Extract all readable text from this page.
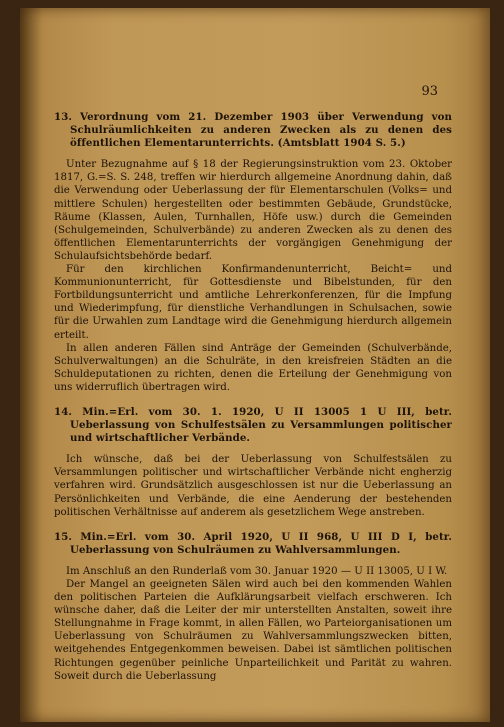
93
13. Verordnung vom 21. Dezember 1903 über Verwendung von Schulräumlichkeiten zu anderen Zwecken als zu denen des öffentlichen Elementarunterrichts. (Amtsblatt 1904 S. 5.)

Unter Bezugnahme auf § 18 der Regierungsinstruktion vom 23. Oktober 1817, G.=S. S. 248, treffen wir hierdurch allgemeine Anordnung dahin, daß die Verwendung oder Ueberlassung der für Elementarschulen (Volks= und mittlere Schulen) hergestellten oder bestimmten Gebäude, Grundstücke, Räume (Klassen, Aulen, Turnhallen, Höfe usw.) durch die Gemeinden (Schulgemeinden, Schulverbände) zu anderen Zwecken als zu denen des öffentlichen Elementarunterrichts der vorgängigen Genehmigung der Schulaufsichtsbehörde bedarf.

Für den kirchlichen Konfirmandenunterricht, Beicht= und Kommunionunterricht, für Gottesdienste und Bibelstunden, für den Fortbildungsunterricht und amtliche Lehrerkonferenzen, für die Impfung und Wiederimpfung, für dienstliche Verhandlungen in Schulsachen, sowie für die Urwahlen zum Landtage wird die Genehmigung hierdurch allgemein erteilt.

In allen anderen Fällen sind Anträge der Gemeinden (Schulverbände, Schulverwaltungen) an die Schulräte, in den kreisfreien Städten an die Schuldeputationen zu richten, denen die Erteilung der Genehmigung von uns widerruflich übertragen wird.

14. Min.=Erl. vom 30. 1. 1920, U II 13005 1 U III, betr. Ueberlassung von Schulfestsälen zu Versammlungen politischer und wirtschaftlicher Verbände.

Ich wünsche, daß bei der Ueberlassung von Schulfestsälen zu Versammlungen politischer und wirtschaftlicher Verbände nicht engherzig verfahren wird. Grundsätzlich ausgeschlossen ist nur die Ueberlassung an Persönlichkeiten und Verbände, die eine Aenderung der bestehenden politischen Verhältnisse auf anderem als gesetzlichem Wege anstreben.

15. Min.=Erl. vom 30. April 1920, U II 968, U III D I, betr. Ueberlassung von Schulräumen zu Wahlversammlungen.

Im Anschluß an den Runderlaß vom 30. Januar 1920 — U II 13005, U I W.

Der Mangel an geeigneten Sälen wird auch bei den kommenden Wahlen den politischen Parteien die Aufklärungsarbeit vielfach erschweren. Ich wünsche daher, daß die Leiter der mir unterstellten Anstalten, soweit ihre Stellungnahme in Frage kommt, in allen Fällen, wo Parteiorganisationen um Ueberlassung von Schulräumen zu Wahlversammlungszwecken bitten, weitgehendes Entgegenkommen beweisen. Dabei ist sämtlichen politischen Richtungen gegenüber peinliche Unparteilichkeit und Parität zu wahren. Soweit durch die Ueberlassung
